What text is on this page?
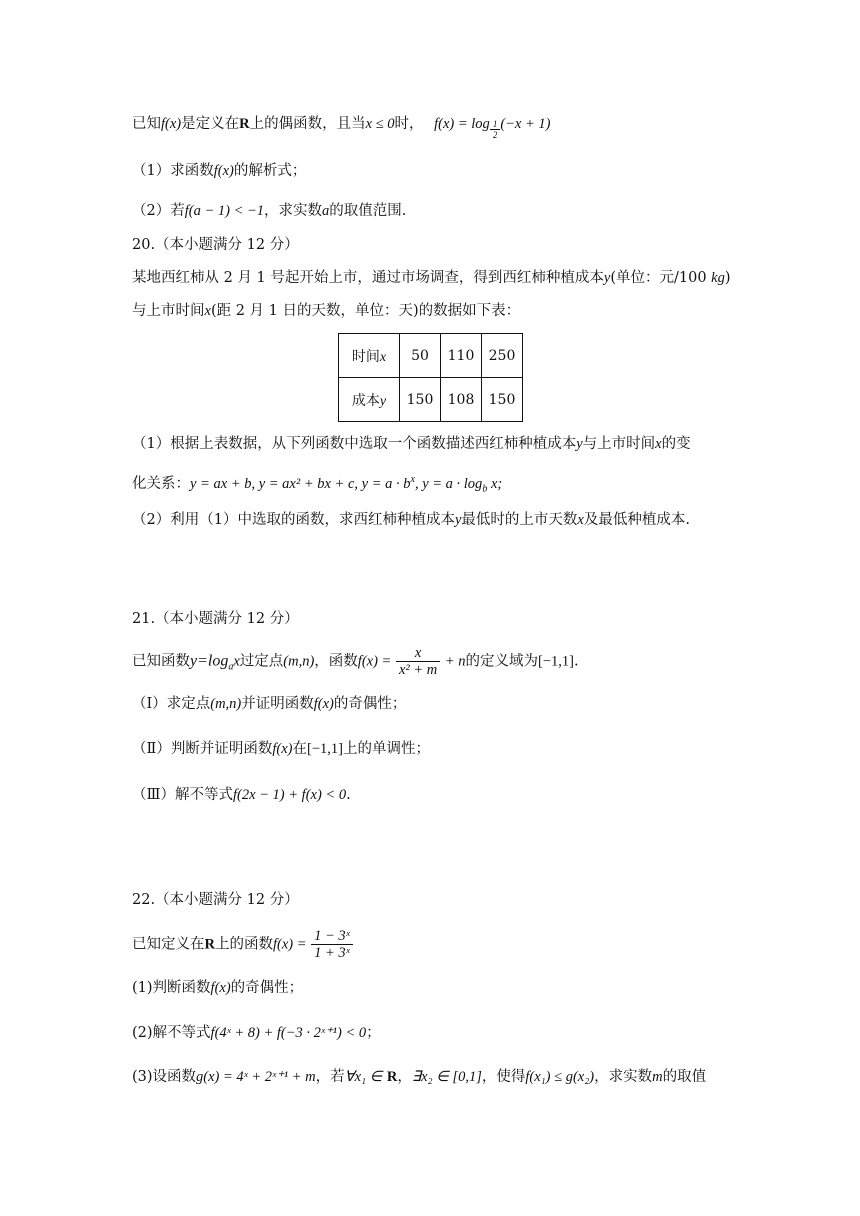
已知f(x)是定义在R上的偶函数，且当x ≤ 0时， $f(x) = \log \frac{1}{2} (-x + 1)$
（1）求函数f(x)的解析式；
（2）若f(a − 1) < −1，求实数a的取值范围.
20.（本小题满分 12 分）
某地西红柿从 2 月 1 号起开始上市，通过市场调查，得到西红柿种植成本y(单位：元/100 kg)
与上市时间x(距 2 月 1 日的天数，单位：天)的数据如下表：
时间x	50	110	250
成本y	150	108	150
（1）根据上表数据，从下列函数中选取一个函数描述西红柿种植成本y与上市时间x的变
化关系：y = ax + b, y = ax² + bx + c, $y = a \cdot b^x$, $y = a \cdot \log_b x$;
（2）利用（1）中选取的函数，求西红柿种植成本y最低时的上市天数x及最低种植成本.
21.（本小题满分 12 分）
已知函数$y=\log_ax$过定点(m,n)，函数$f(x) = \frac{x}{\text{x² + m}} + n$的定义域为[−1,1].
（Ⅰ）求定点(m,n)并证明函数f(x)的奇偶性；
（Ⅱ）判断并证明函数f(x)在[−1,1]上的单调性；
（Ⅲ）解不等式f(2x − 1) + f(x) < 0.
22.（本小题满分 12 分）
已知定义在R上的函数$f(x) = \frac{\text{1 − 3ˣ}}{\text{1 + 3ˣ}}$
(1)判断函数f(x)的奇偶性；
(2)解不等式f(4ˣ + 8) + f(−3 · 2ˣ⁺¹) < 0；
(3)设函数g(x) = 4ˣ + 2ˣ⁺¹ + m，若∀x₁ ∈ R，∃x₂ ∈ [0,1]，使得f(x₁) ≤ g(x₂)，求实数m的取值
